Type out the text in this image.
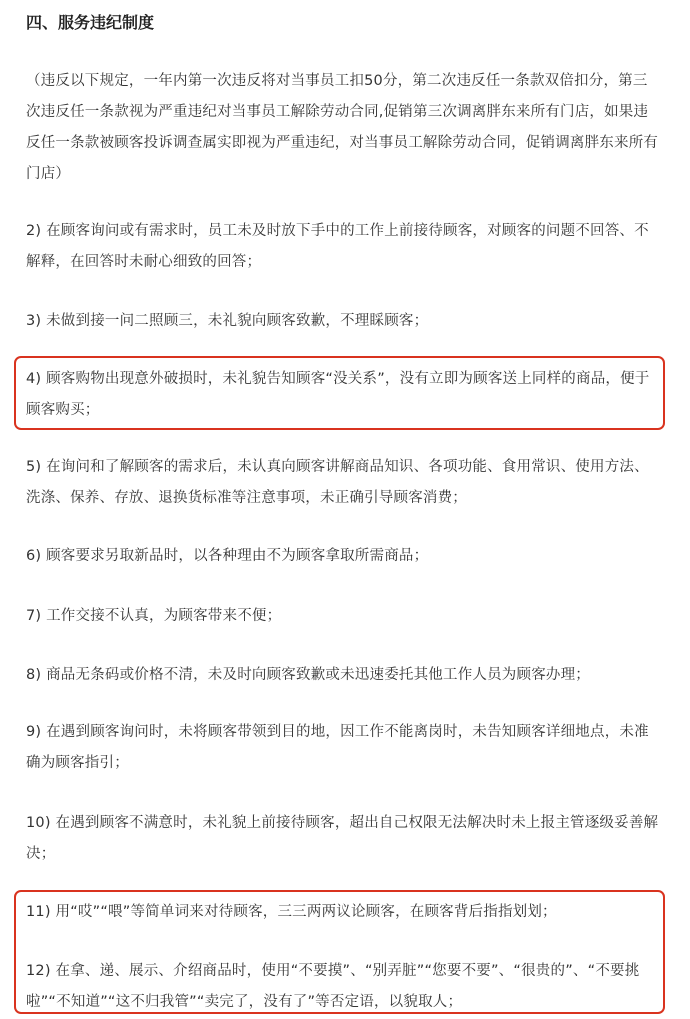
四、服务违纪制度
（违反以下规定，一年内第一次违反将对当事员工扣50分，第二次违反任一条款双倍扣分，第三次违反任一条款视为严重违纪对当事员工解除劳动合同,促销第三次调离胖东来所有门店，如果违反任一条款被顾客投诉调查属实即视为严重违纪，对当事员工解除劳动合同，促销调离胖东来所有门店）
2) 在顾客询问或有需求时，员工未及时放下手中的工作上前接待顾客，对顾客的问题不回答、不解释，在回答时未耐心细致的回答；
3) 未做到接一问二照顾三，未礼貌向顾客致歉，不理睬顾客；
4) 顾客购物出现意外破损时，未礼貌告知顾客“没关系”，没有立即为顾客送上同样的商品，便于顾客购买；
5) 在询问和了解顾客的需求后，未认真向顾客讲解商品知识、各项功能、食用常识、使用方法、洗涤、保养、存放、退换货标准等注意事项，未正确引导顾客消费；
6) 顾客要求另取新品时，以各种理由不为顾客拿取所需商品；
7) 工作交接不认真，为顾客带来不便；
8) 商品无条码或价格不清，未及时向顾客致歉或未迅速委托其他工作人员为顾客办理；
9) 在遇到顾客询问时，未将顾客带领到目的地，因工作不能离岗时，未告知顾客详细地点，未准确为顾客指引；
10) 在遇到顾客不满意时，未礼貌上前接待顾客，超出自己权限无法解决时未上报主管逐级妥善解决；
11) 用“哎”“喂”等简单词来对待顾客，三三两两议论顾客，在顾客背后指指划划；
12) 在拿、递、展示、介绍商品时，使用“不要摸”、“别弄脏”“您要不要”、“很贵的”、“不要挑啦”“不知道”“这不归我管”“卖完了，没有了”等否定语，以貌取人；
